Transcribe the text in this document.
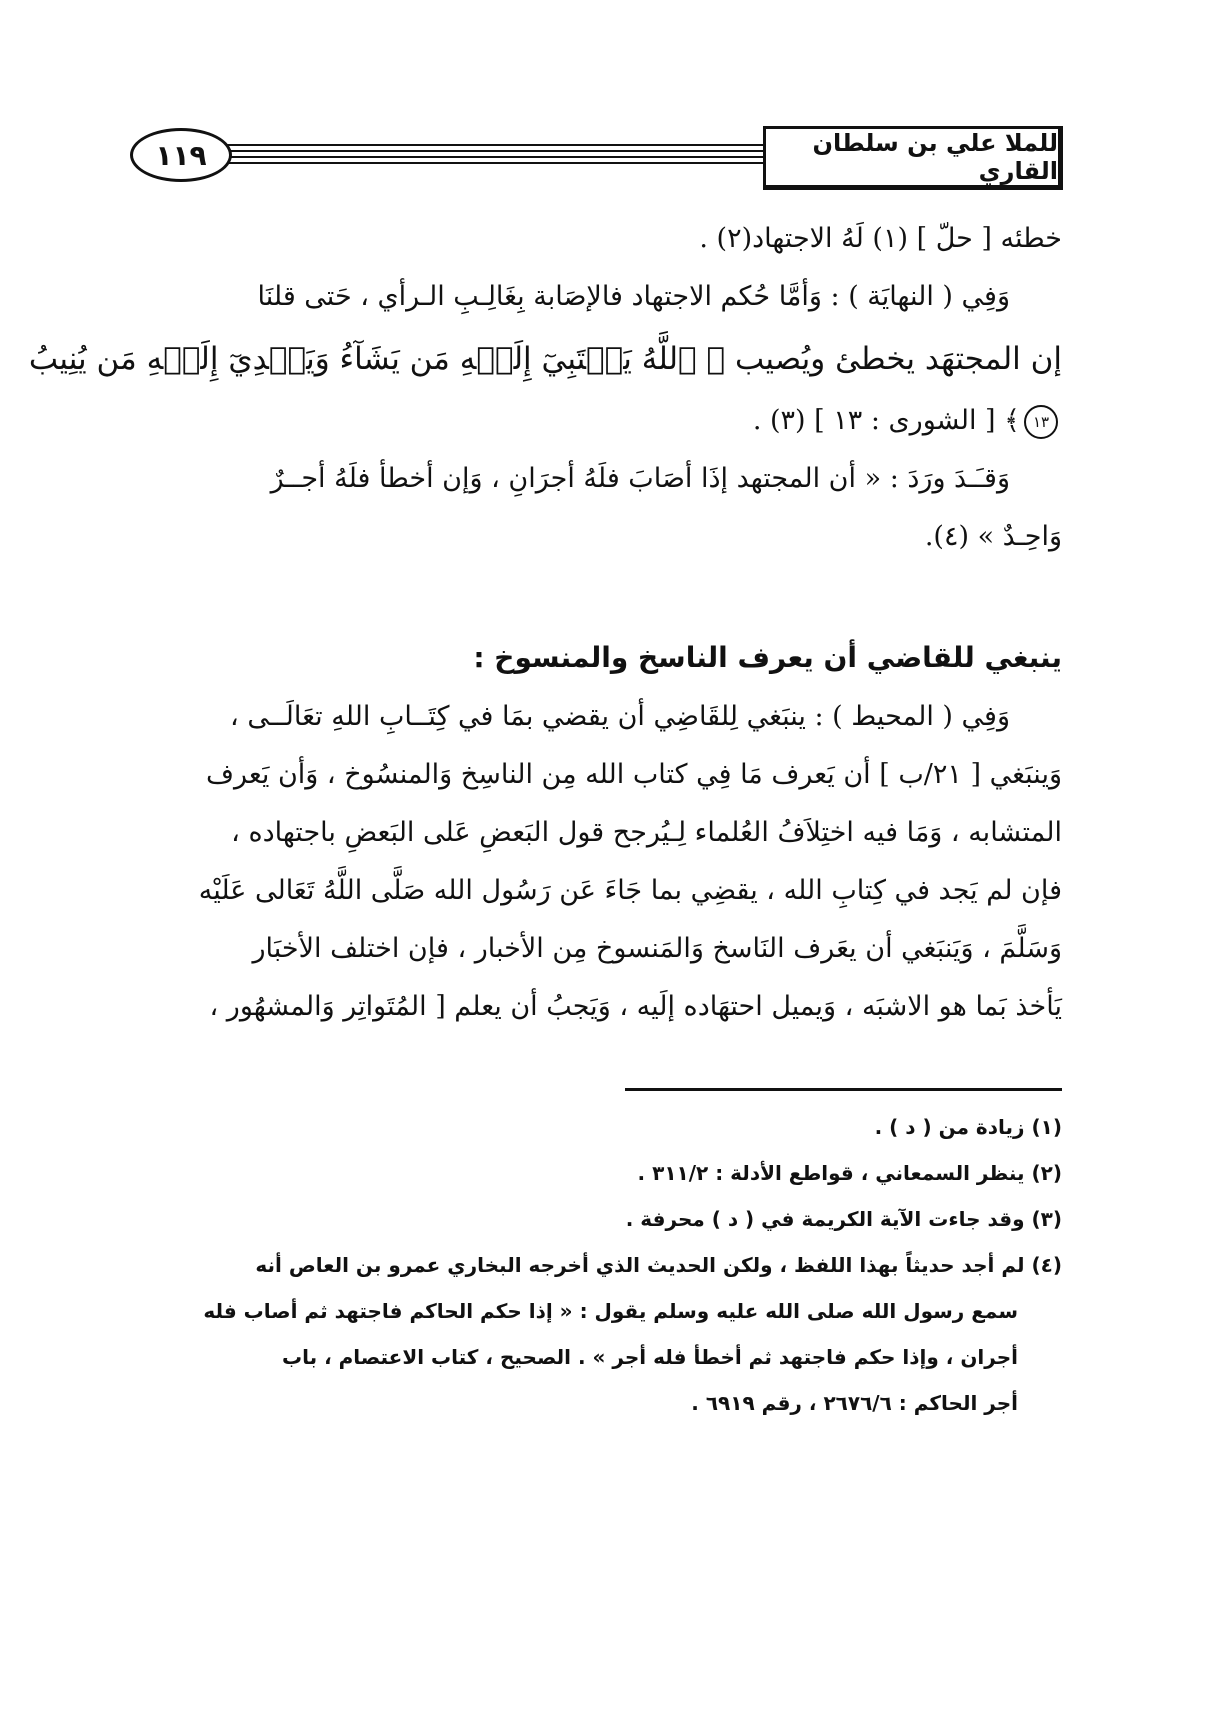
١١٩	للملا علي بن سلطان القاري
خطئه [ حلّ ] (١) لَهُ الاجتهاد(٢) .
وَفِي ( النهايَة ) : وَأمَّا حُكم الاجتهاد فالإصَابة بِغَالِـبِ الـرأي ، حَتى قلنَا
إن المجتهَد يخطئ ويُصيب ﴿ ٱللَّهُ يَجۡتَبِيٓ إِلَيۡهِ مَن يَشَآءُ وَيَهۡدِيٓ إِلَيۡهِ مَن يُنِيبُ
١٣﴾ [ الشورى : ١٣ ] (٣) .
وَقـَـدَ ورَدَ : « أن المجتهد إذَا أصَابَ فلَهُ أجرَانِ ، وَإن أخطأ فلَهُ أجــرٌ
وَاحِـدٌ » (٤).
ينبغي للقاضي أن يعرف الناسخ والمنسوخ :
وَفِي ( المحيط ) : ينبَغي لِلقَاضِي أن يقضي بمَا في كِتَــابِ اللهِ تعَالَــى ،
وَينبَغي [ ٢١/ب ] أن يَعرف مَا فِي كتاب الله مِن الناسِخ وَالمنسُوخ ، وَأن يَعرف
المتشابه ، وَمَا فيه اختِلاَفُ العُلماء لِـيُرجح قول البَعضِ عَلى البَعضِ باجتهاده ،
فإن لم يَجد في كِتابِ الله ، يقضِي بما جَاءَ عَن رَسُول الله صَلَّى اللَّهُ تَعَالى عَلَيْه
وَسَلَّمَ ، وَيَنبَغي أن يعَرف النَاسخ وَالمَنسوخ مِن الأخبار ، فإن اختلف الأخبَار
يَأخذ بَما هو الاشبَه ، وَيميل احتهَاده إلَيه ، وَيَجبُ أن يعلم [ المُتَواتِر وَالمشهُور ،
(١) زيادة من ( د ) .
(٢) ينظر السمعاني ، قواطع الأدلة : ٣١١/٢ .
(٣) وقد جاءت الآية الكريمة في ( د ) محرفة .
(٤) لم أجد حديثاً بهذا اللفظ ، ولكن الحديث الذي أخرجه البخاري عمرو بن العاص أنه
سمع رسول الله صلى الله عليه وسلم يقول : « إذا حكم الحاكم فاجتهد ثم أصاب فله
أجران ، وإذا حكم فاجتهد ثم أخطأ فله أجر » . الصحيح ، كتاب الاعتصام ، باب
أجر الحاكم : ٢٦٧٦/٦ ، رقم ٦٩١٩ .
